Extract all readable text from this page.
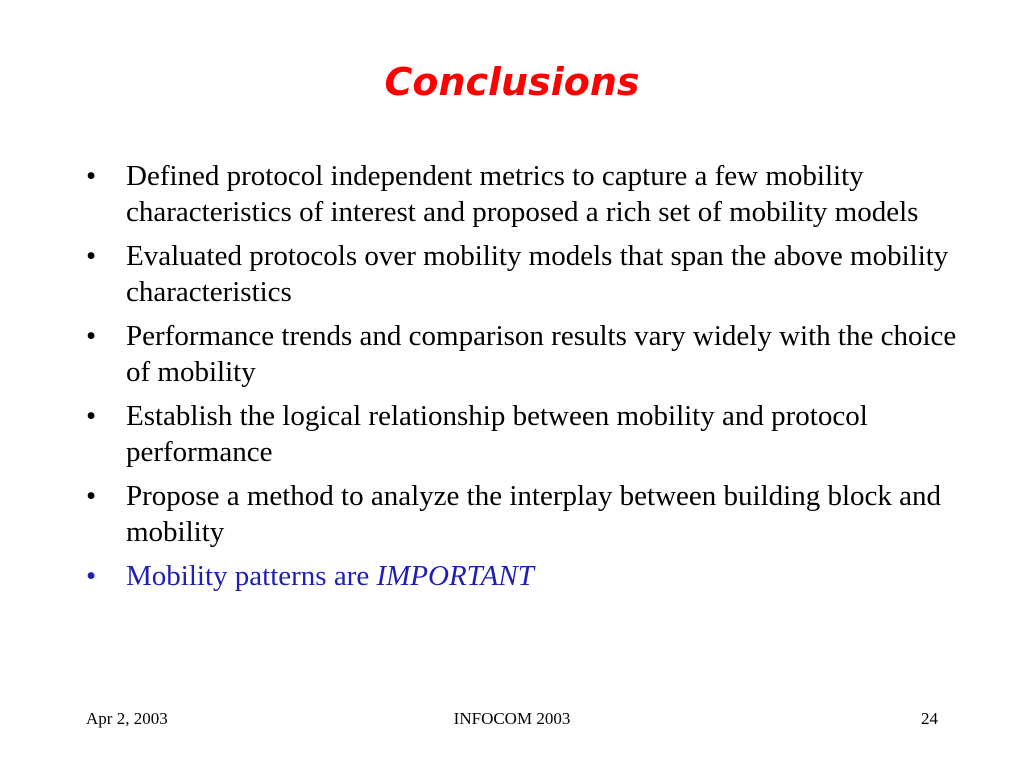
Conclusions
•	Defined protocol independent metrics to capture a few mobility characteristics of interest and proposed a rich set of mobility models
•	Evaluated protocols over mobility models that span the above mobility characteristics
•	Performance trends and comparison results vary widely with the choice of mobility
•	Establish the logical relationship between mobility and protocol performance
•	Propose a method to analyze the interplay between building block and mobility
•	Mobility patterns are IMPORTANT
Apr 2, 2003	INFOCOM 2003	24
